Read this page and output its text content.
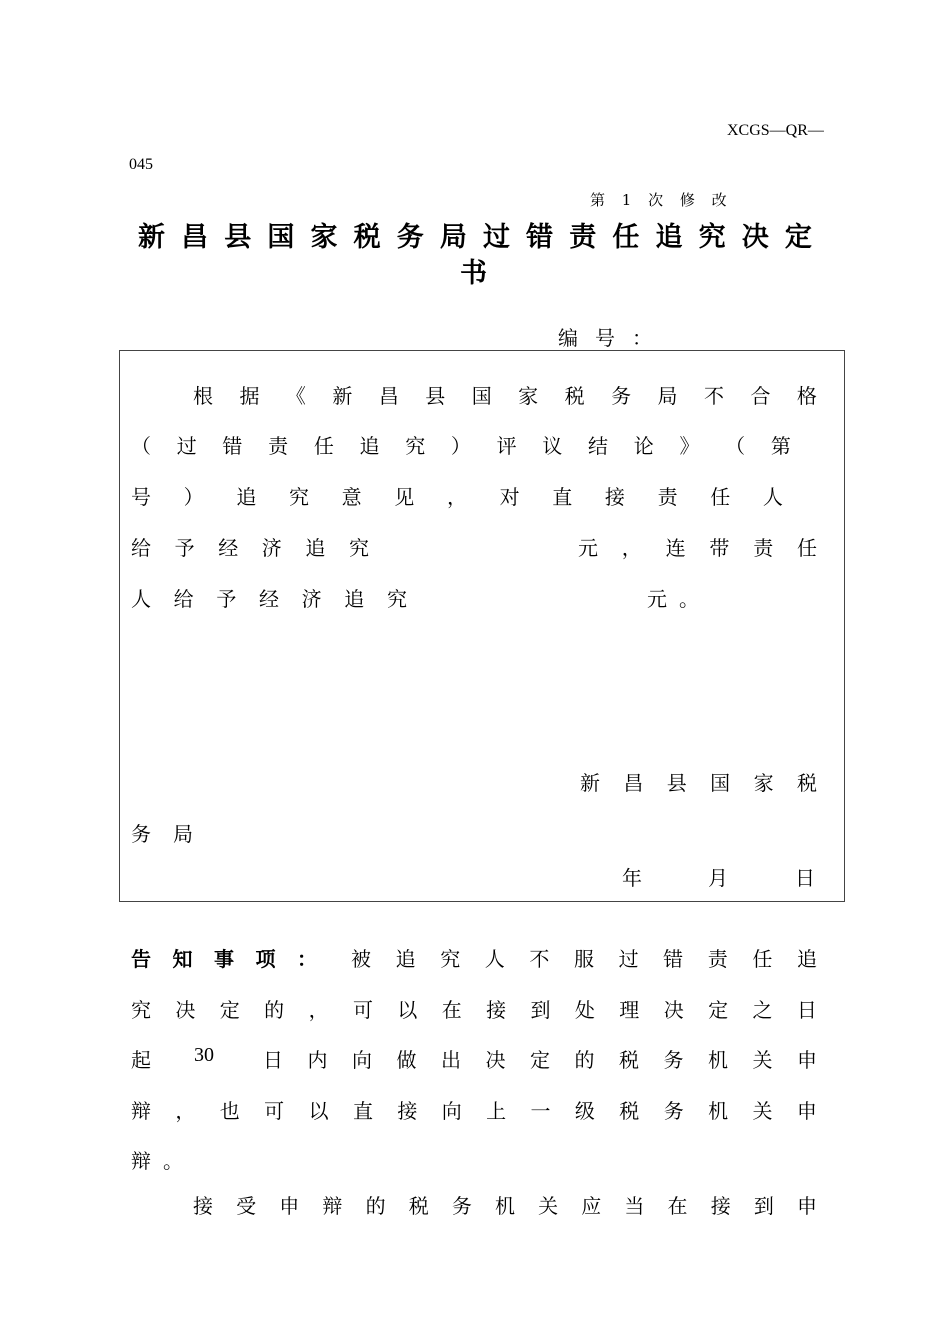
XCGS—QR—
045
第 1 次 修 改
新 昌 县 国 家 税 务 局 过 错 责 任 追 究 决 定
书
编 号 ：
根 据 《 新 昌 县 国 家 税 务 局 不 合 格
（ 过 错 责 任 追 究 ） 评 议 结 论 》 （ 第
号 ） 追 究 意 见 ， 对 直 接 责 任 人
给 予 经 济 追 究	元 ， 连 带 责 任
人 给 予 经 济 追 究	元 。
新 昌 县 国 家 税
务 局
年	月	日
告 知 事 项 ： 被 追 究 人 不 服 过 错 责 任 追
究 决 定 的 ， 可 以 在 接 到 处 理 决 定 之 日
起 30 日 内 向 做 出 决 定 的 税 务 机 关 申
辩 ， 也 可 以 直 接 向 上 一 级 税 务 机 关 申
辩 。
接 受 申 辩 的 税 务 机 关 应 当 在 接 到 申
